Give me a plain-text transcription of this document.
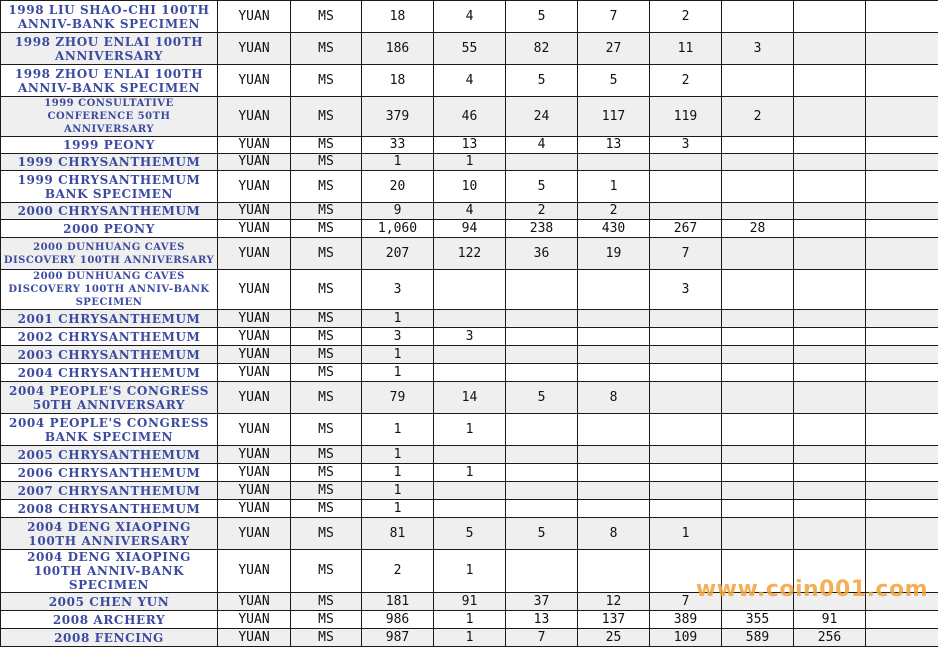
1998 LIU SHAO-CHI 100TH ANNIV-BANK SPECIMEN	YUAN	MS	18	4	5	7	2			
1998 ZHOU ENLAI 100TH ANNIVERSARY	YUAN	MS	186	55	82	27	11	3		
1998 ZHOU ENLAI 100TH ANNIV-BANK SPECIMEN	YUAN	MS	18	4	5	5	2			
1999 CONSULTATIVE CONFERENCE 50TH ANNIVERSARY	YUAN	MS	379	46	24	117	119	2		
1999 PEONY	YUAN	MS	33	13	4	13	3			
1999 CHRYSANTHEMUM	YUAN	MS	1	1						
1999 CHRYSANTHEMUM BANK SPECIMEN	YUAN	MS	20	10	5	1				
2000 CHRYSANTHEMUM	YUAN	MS	9	4	2	2				
2000 PEONY	YUAN	MS	1,060	94	238	430	267	28		
2000 DUNHUANG CAVES DISCOVERY 100TH ANNIVERSARY	YUAN	MS	207	122	36	19	7			
2000 DUNHUANG CAVES DISCOVERY 100TH ANNIV-BANK SPECIMEN	YUAN	MS	3				3			
2001 CHRYSANTHEMUM	YUAN	MS	1							
2002 CHRYSANTHEMUM	YUAN	MS	3	3						
2003 CHRYSANTHEMUM	YUAN	MS	1							
2004 CHRYSANTHEMUM	YUAN	MS	1							
2004 PEOPLE'S CONGRESS 50TH ANNIVERSARY	YUAN	MS	79	14	5	8				
2004 PEOPLE'S CONGRESS BANK SPECIMEN	YUAN	MS	1	1						
2005 CHRYSANTHEMUM	YUAN	MS	1							
2006 CHRYSANTHEMUM	YUAN	MS	1	1						
2007 CHRYSANTHEMUM	YUAN	MS	1							
2008 CHRYSANTHEMUM	YUAN	MS	1							
2004 DENG XIAOPING 100TH ANNIVERSARY	YUAN	MS	81	5	5	8	1			
2004 DENG XIAOPING 100TH ANNIV-BANK SPECIMEN	YUAN	MS	2	1						
2005 CHEN YUN	YUAN	MS	181	91	37	12	7			
2008 ARCHERY	YUAN	MS	986	1	13	137	389	355	91	
2008 FENCING	YUAN	MS	987	1	7	25	109	589	256	
www.coin001.com
